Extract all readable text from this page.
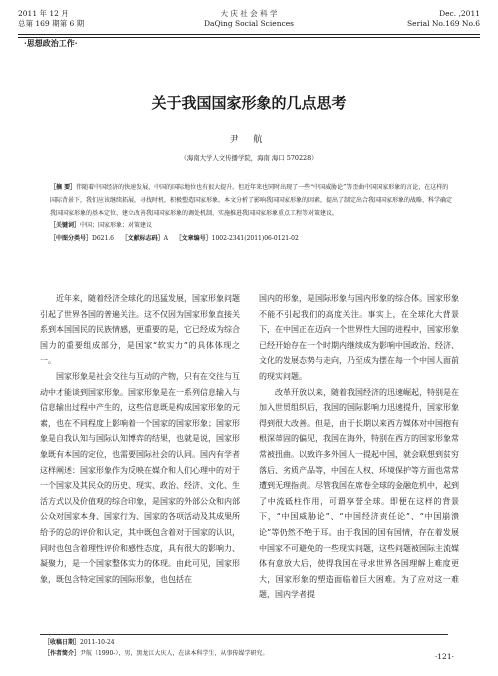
2011 年 12 月
总第 169 期第 6 期
大 庆 社 会 科 学
DaQing Social Sciences
Dec. ,2011
Serial No.169 No.6
·思想政治工作·
关于我国国家形象的几点思考
尹 航
（海南大学人文传播学院，海南 海口 570228）
［摘 要］伴随着中国经济的快速发展，中国的国际地位也有很大提升。但近年来也同时出现了一些“中国威胁论”等歪曲中国国家形象的言论，在这样的国际背景下，我们应该继续拓展，寻找时机，积极塑造国家形象。本文分析了影响我国国家形象的因素，提出了制定出合我国国家形象的战略、科学确定我国国家形象的基本定位、建立改善我国国家形象的调处机制、实施推进我国国家形象重点工程等对策建议。
［关键词］中国；国家形象；对策建议
［中图分类号］D621.6 ［文献标志码］A ［文章编号］1002-2341(2011)06-0121-02

近年来，随着经济全球化的迅猛发展，国家形象问题引起了世界各国的普遍关注。这不仅因为国家形象直接关系到本国国民的民族情感，更重要的是，它已经成为综合国力的重要组成部分，是国家“软实力”的具体体现之一。

国家形象是社会交往与互动的产物，只有在交往与互动中才能谈到国家形象。国家形象是在一系列信息输入与信息输出过程中产生的，这些信息既是构成国家形象的元素，也在不同程度上影响着一个国家的国家形象；国家形象是自我认知与国际认知博弈的结果，也就是说，国家形象既有本国的定位，也需要国际社会的认同。国内有学者这样阐述：国家形象作为反映在媒介和人们心理中的对于一个国家及其民众的历史、现实、政治、经济、文化、生活方式以及价值观的综合印象，是国家的外部公众和内部公众对国家本身、国家行为、国家的各项活动及其成果所给予的总的评价和认定，其中既包含着对于国家的认识，同时也包含着理性评价和感性态度，具有很大的影响力、凝聚力，是一个国家整体实力的体现。由此可见，国家形象，既包含特定国家的国际形象，也包括在

国内的形象，是国际形象与国内形象的综合体。国家形象不能不引起我们的高度关注。事实上，在全球化大背景下，在中国正在迈向一个世界性大国的进程中，国家形象已经开始存在一个时期内继续成为影响中国政治、经济、文化的发展态势与走向，乃至成为摆在每一个中国人面前的现实问题。

改革开放以来，随着我国经济的迅速崛起，特别是在加入世贸组织后，我国的国际影响力迅速提升，国家形象得到很大改善。但是，由于长期以来西方媒体对中国抱有根深蒂固的偏见，我国在海外，特别在西方的国家形象常常被扭曲。以致许多外国人一提起中国，就会联想到贫穷落后、劣质产品等，中国在人权、环境保护等方面也常常遭到无理指责。尽管我国在席卷全球的金融危机中，起到了中流砥柱作用，可谓享誉全球。即便在这样的背景下，“中国威胁论”、“中国经济责任论”、“中国崩溃论”等仍然不绝于耳。由于我国的国有国情，存在着发展中国家不可避免的一些现实问题，这些问题被国际主流媒体有意放大后，使得我国在寻求世界各国理解上难度更大，国家形象的塑造面临着巨大困难。为了应对这一难题，国内学者提

［收稿日期］2011-10-24
［作者简介］尹航（1990-），男，黑龙江大庆人，在读本科学生，从事传媒学研究。	·121·
